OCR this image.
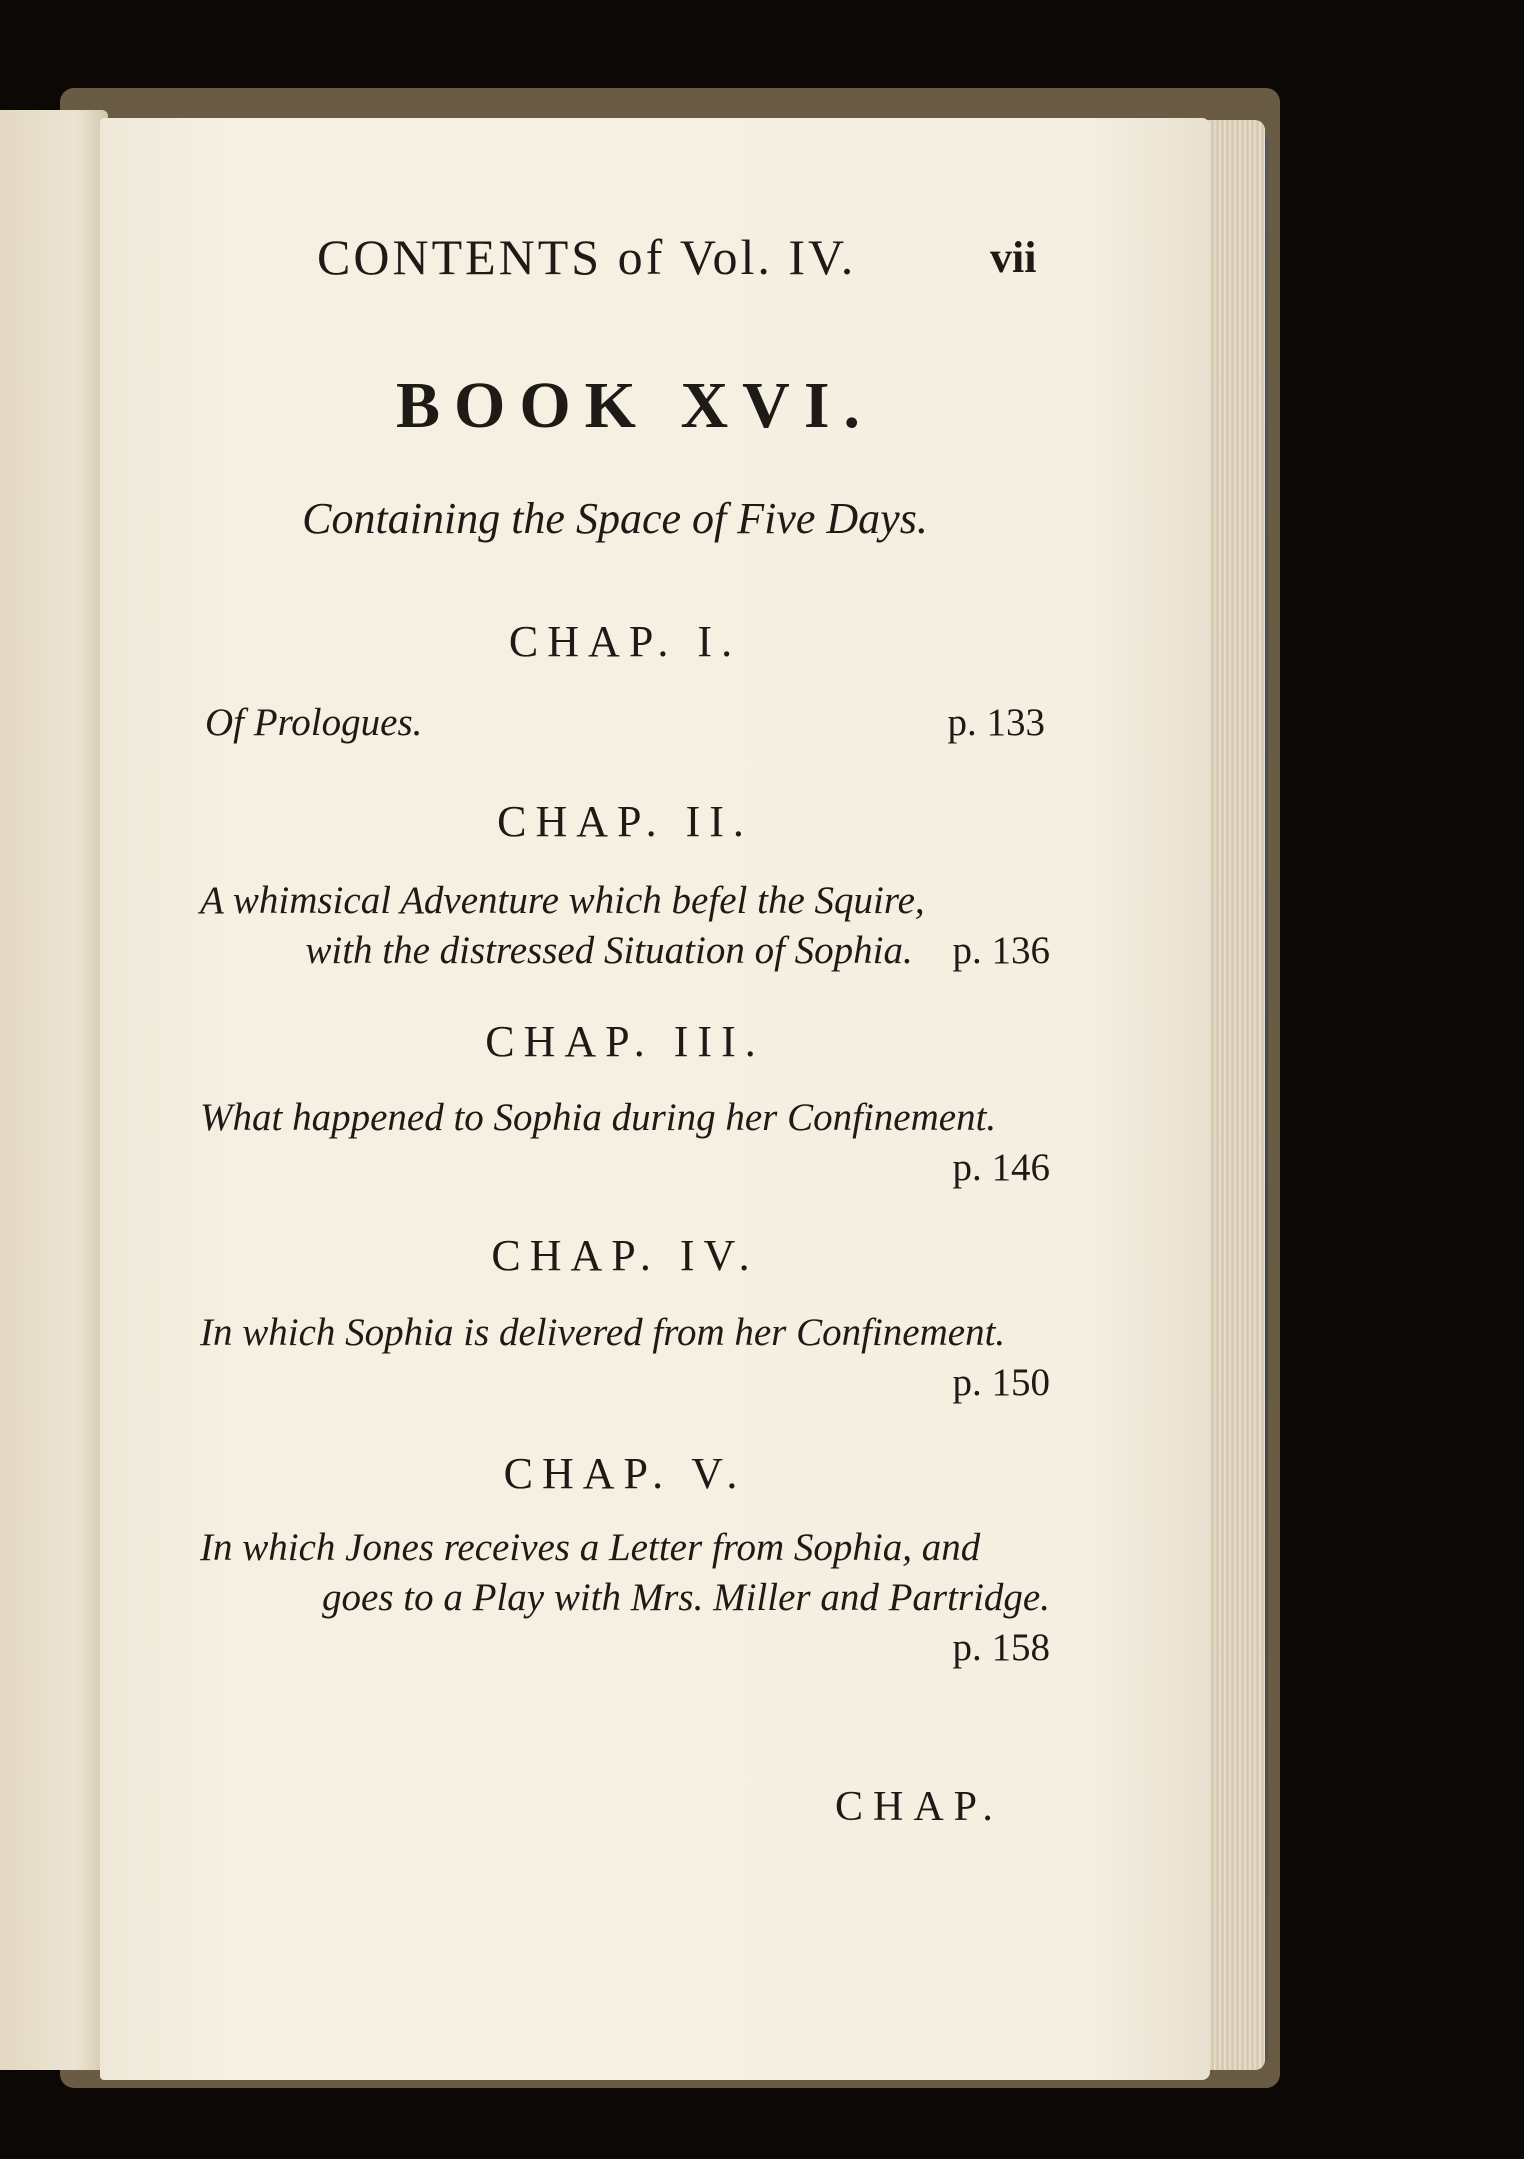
CONTENTS of Vol. IV.	vii
BOOK XVI.
Containing the Space of Five Days.
CHAP. I.
Of Prologues.	p. 133
CHAP. II.
A whimsical Adventure which befel the Squire,
with the distressed Situation of Sophia. p. 136
CHAP. III.
What happened to Sophia during her Confinement.
p. 146
CHAP. IV.
In which Sophia is delivered from her Confinement.
p. 150
CHAP. V.
In which Jones receives a Letter from Sophia, and
goes to a Play with Mrs. Miller and Partridge.
p. 158
CHAP.
